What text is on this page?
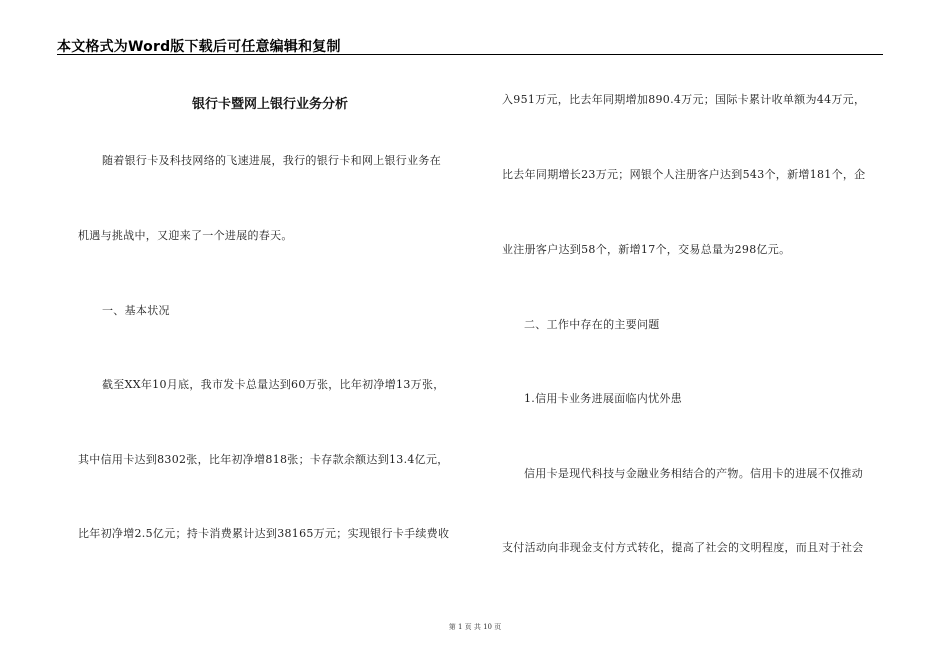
本文格式为Word版下载后可任意编辑和复制
银行卡暨网上银行业务分析
随着银行卡及科技网络的飞速进展，我行的银行卡和网上银行业务在
机遇与挑战中，又迎来了一个进展的春天。
一、基本状况
截至XX年10月底，我市发卡总量达到60万张，比年初净增13万张，
其中信用卡达到8302张，比年初净增818张；卡存款余额达到13.4亿元，
比年初净增2.5亿元；持卡消费累计达到38165万元；实现银行卡手续费收
入951万元，比去年同期增加890.4万元；国际卡累计收单额为44万元，
比去年同期增长23万元；网银个人注册客户达到543个，新增181个，企
业注册客户达到58个，新增17个，交易总量为298亿元。
二、工作中存在的主要问题
1.信用卡业务进展面临内忧外患
信用卡是现代科技与金融业务相结合的产物。信用卡的进展不仅推动
支付活动向非现金支付方式转化，提高了社会的文明程度，而且对于社会
第 1 页 共 10 页
